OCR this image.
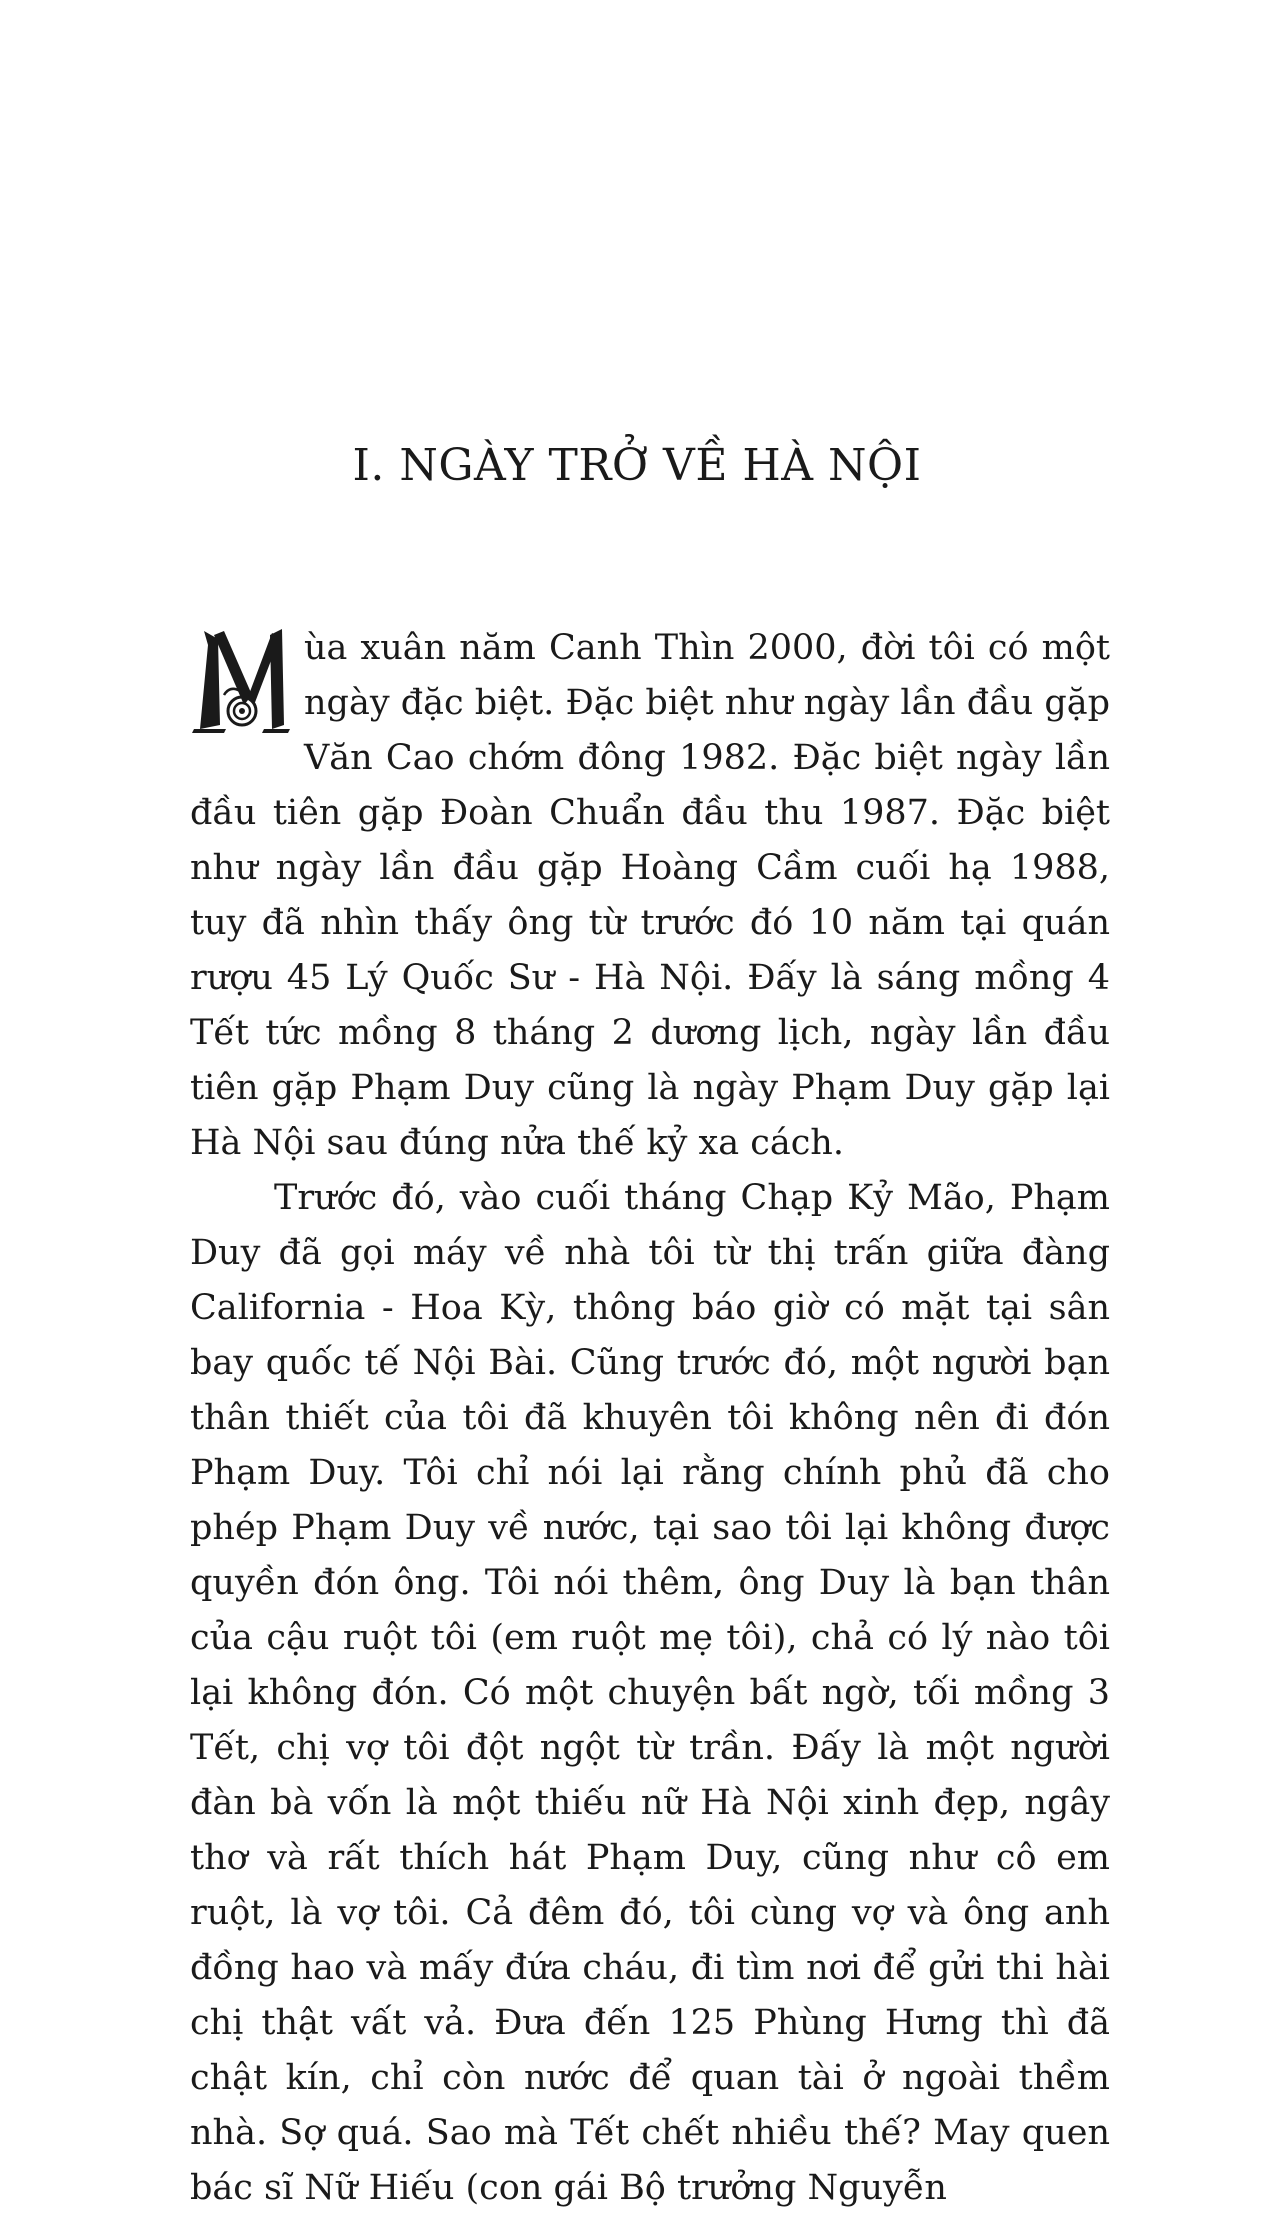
I. NGÀY TRỞ VỀ HÀ NỘI

ùa xuân năm Canh Thìn 2000, đời tôi có một ngày đặc biệt. Đặc biệt như ngày lần đầu gặp Văn Cao chớm đông 1982. Đặc biệt ngày lần đầu tiên gặp Đoàn Chuẩn đầu thu 1987. Đặc biệt như ngày lần đầu gặp Hoàng Cầm cuối hạ 1988, tuy đã nhìn thấy ông từ trước đó 10 năm tại quán rượu 45 Lý Quốc Sư - Hà Nội. Đấy là sáng mồng 4 Tết tức mồng 8 tháng 2 dương lịch, ngày lần đầu tiên gặp Phạm Duy cũng là ngày Phạm Duy gặp lại Hà Nội sau đúng nửa thế kỷ xa cách.

Trước đó, vào cuối tháng Chạp Kỷ Mão, Phạm Duy đã gọi máy về nhà tôi từ thị trấn giữa đàng California - Hoa Kỳ, thông báo giờ có mặt tại sân bay quốc tế Nội Bài. Cũng trước đó, một người bạn thân thiết của tôi đã khuyên tôi không nên đi đón Phạm Duy. Tôi chỉ nói lại rằng chính phủ đã cho phép Phạm Duy về nước, tại sao tôi lại không được quyền đón ông. Tôi nói thêm, ông Duy là bạn thân của cậu ruột tôi (em ruột mẹ tôi), chả có lý nào tôi lại không đón. Có một chuyện bất ngờ, tối mồng 3 Tết, chị vợ tôi đột ngột từ trần. Đấy là một người đàn bà vốn là một thiếu nữ Hà Nội xinh đẹp, ngây thơ và rất thích hát Phạm Duy, cũng như cô em ruột, là vợ tôi. Cả đêm đó, tôi cùng vợ và ông anh đồng hao và mấy đứa cháu, đi tìm nơi để gửi thi hài chị thật vất vả. Đưa đến 125 Phùng Hưng thì đã chật kín, chỉ còn nước để quan tài ở ngoài thềm nhà. Sợ quá. Sao mà Tết chết nhiều thế? May quen bác sĩ Nữ Hiếu (con gái Bộ trưởng Nguyễn
